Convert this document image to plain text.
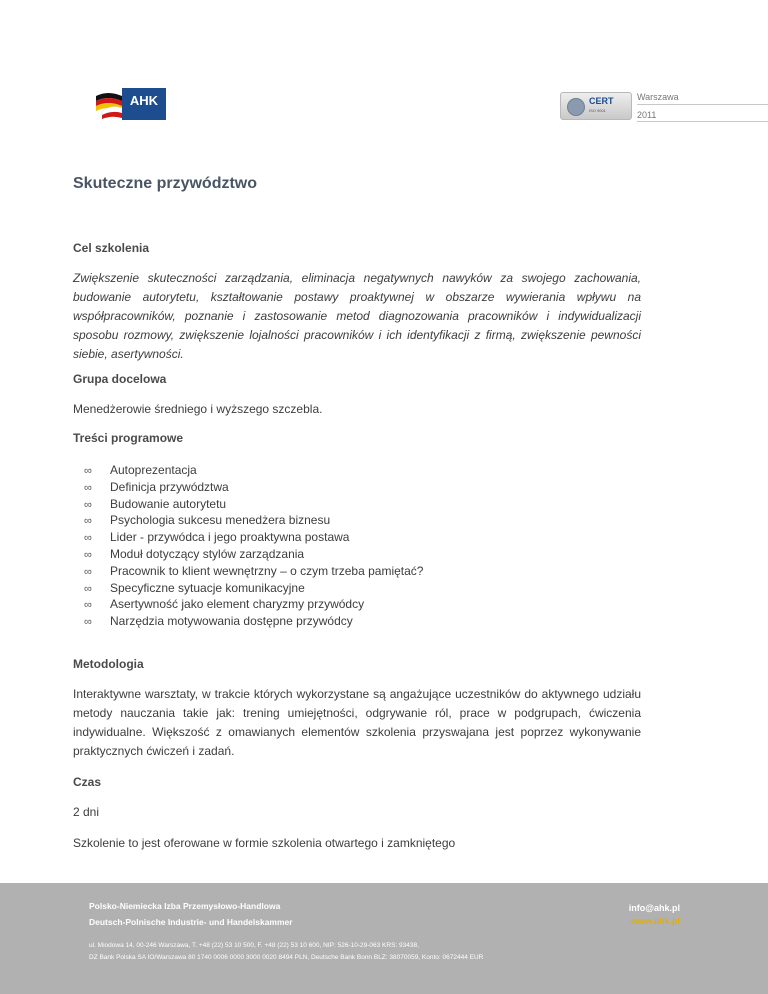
AHK	CERT
ISO 9001
Warszawa
2011
Skuteczne przywództwo
Cel szkolenia

Zwiększenie skuteczności zarządzania, eliminacja negatywnych nawyków za swojego zachowania, budowanie autorytetu, kształtowanie postawy proaktywnej w obszarze wywierania wpływu na współpracowników, poznanie i zastosowanie metod diagnozowania pracowników i indywidualizacji sposobu rozmowy, zwiększenie lojalności pracowników i ich identyfikacji z firmą, zwiększenie pewności siebie, asertywności.

Grupa docelowa

Menedżerowie średniego i wyższego szczebla.

Treści programowe
∞ Autoprezentacja
∞ Definicja przywództwa
∞ Budowanie autorytetu
∞ Psychologia sukcesu menedżera biznesu
∞ Lider - przywódca i jego proaktywna postawa
∞ Moduł dotyczący stylów zarządzania
∞ Pracownik to klient wewnętrzny – o czym trzeba pamiętać?
∞ Specyficzne sytuacje komunikacyjne
∞ Asertywność jako element charyzmy przywódcy
∞ Narzędzia motywowania dostępne przywódcy
Metodologia

Interaktywne warsztaty, w trakcie których wykorzystane są angażujące uczestników do aktywnego udziału metody nauczania takie jak: trening umiejętności, odgrywanie ról, prace w podgrupach, ćwiczenia indywidualne. Większość z omawianych elementów szkolenia przyswajana jest poprzez wykonywanie praktycznych ćwiczeń i zadań.

Czas

2 dni

Szkolenie to jest oferowane w formie szkolenia otwartego i zamkniętego

Polsko-Niemiecka Izba Przemysłowo-Handlowa
Deutsch-Polnische Industrie- und Handelskammer
ul. Miodowa 14, 00-246 Warszawa, T. +48 (22) 53 10 500, F. +48 (22) 53 10 600, NIP: 526-10-29-063 KRS: 93438,
DZ Bank Polska SA IO/Warszawa 80 1740 0006 0000 3000 0020 8494 PLN, Deutsche Bank Bonn BLZ: 38070059, Konto: 0672444 EUR
info@ahk.pl
www.ahk.pl
